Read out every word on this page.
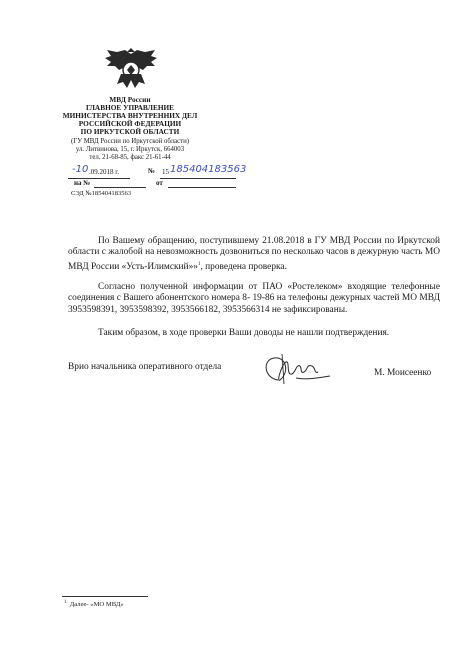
МВД России
ГЛАВНОЕ УПРАВЛЕНИЕ
МИНИСТЕРСТВА ВНУТРЕННИХ ДЕЛ
РОССИЙСКОЙ ФЕДЕРАЦИИ
ПО ИРКУТСКОЙ ОБЛАСТИ
(ГУ МВД России по Иркутской области)
ул. Литвинова, 15, г. Иркутск, 664003
тел. 21-68-85, факс 21-61-44
-10 .09.2018 г.	№ 15 185404183563
на №	от
СЭД №185404183563
По Вашему обращению, поступившему 21.08.2018 в ГУ МВД России по Иркутской области с жалобой на невозможность дозвониться по несколько часов в дежурную часть МО МВД России «Усть-Илимский»»$^1$, проведена проверка.
Согласно полученной информации от ПАО «Ростелеком» входящие телефонные соединения с Вашего абонентского номера 8- 19-86 на телефоны дежурных частей МО МВД 3953598391, 3953598392, 3953566182, 3953566314 не зафиксированы.
Таким образом, в ходе проверки Ваши доводы не нашли подтверждения.
Врио начальника оперативного отдела
М. Моисеенко
$^1$ Далее- «МО МВД»
